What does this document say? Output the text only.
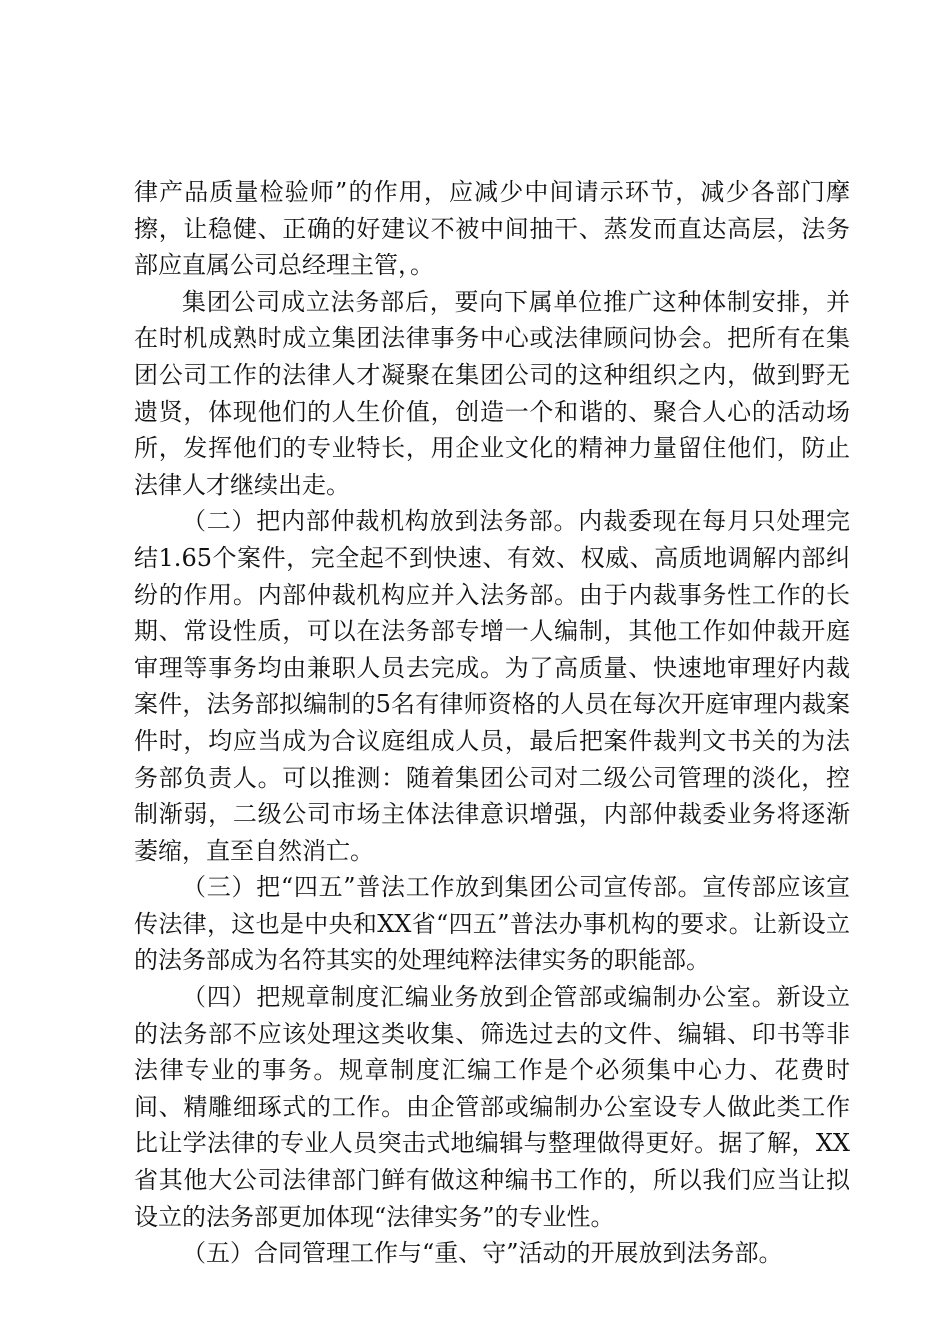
律产品质量检验师”的作用，应减少中间请示环节，减少各部门摩擦，让稳健、正确的好建议不被中间抽干、蒸发而直达高层，法务部应直属公司总经理主管，。

集团公司成立法务部后，要向下属单位推广这种体制安排，并在时机成熟时成立集团法律事务中心或法律顾问协会。把所有在集团公司工作的法律人才凝聚在集团公司的这种组织之内，做到野无遗贤，体现他们的人生价值，创造一个和谐的、聚合人心的活动场所，发挥他们的专业特长，用企业文化的精神力量留住他们，防止法律人才继续出走。

（二）把内部仲裁机构放到法务部。内裁委现在每月只处理完结1.65个案件，完全起不到快速、有效、权威、高质地调解内部纠纷的作用。内部仲裁机构应并入法务部。由于内裁事务性工作的长期、常设性质，可以在法务部专增一人编制，其他工作如仲裁开庭审理等事务均由兼职人员去完成。为了高质量、快速地审理好内裁案件，法务部拟编制的5名有律师资格的人员在每次开庭审理内裁案件时，均应当成为合议庭组成人员，最后把案件裁判文书关的为法务部负责人。可以推测：随着集团公司对二级公司管理的淡化，控制渐弱，二级公司市场主体法律意识增强，内部仲裁委业务将逐渐萎缩，直至自然消亡。

（三）把“四五”普法工作放到集团公司宣传部。宣传部应该宣传法律，这也是中央和XX省“四五”普法办事机构的要求。让新设立的法务部成为名符其实的处理纯粹法律实务的职能部。

（四）把规章制度汇编业务放到企管部或编制办公室。新设立的法务部不应该处理这类收集、筛选过去的文件、编辑、印书等非法律专业的事务。规章制度汇编工作是个必须集中心力、花费时间、精雕细琢式的工作。由企管部或编制办公室设专人做此类工作比让学法律的专业人员突击式地编辑与整理做得更好。据了解，XX省其他大公司法律部门鲜有做这种编书工作的，所以我们应当让拟设立的法务部更加体现“法律实务”的专业性。

（五）合同管理工作与“重、守”活动的开展放到法务部。
